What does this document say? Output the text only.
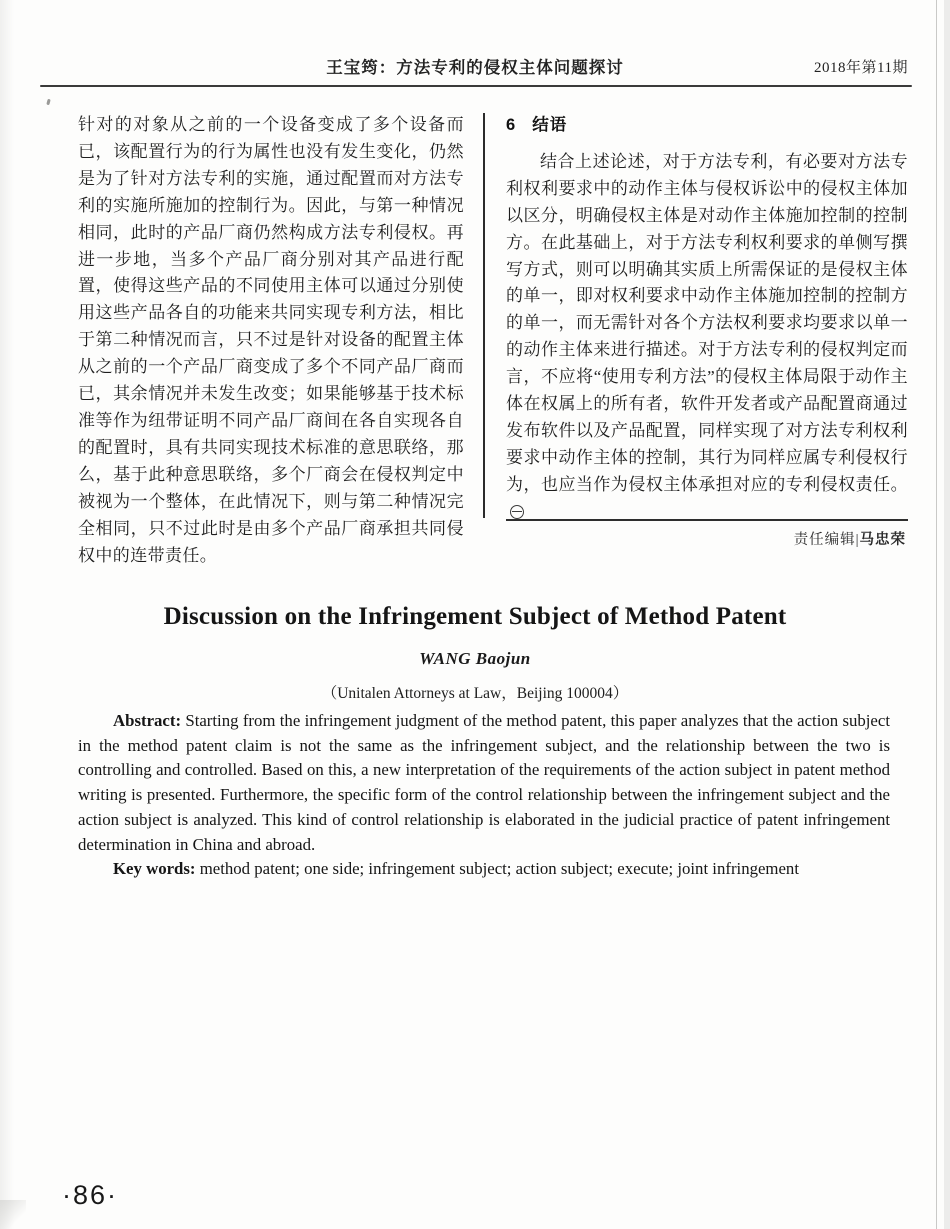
王宝筠：方法专利的侵权主体问题探讨	2018年第11期

针对的对象从之前的一个设备变成了多个设备而已，该配置行为的行为属性也没有发生变化，仍然是为了针对方法专利的实施，通过配置而对方法专利的实施所施加的控制行为。因此，与第一种情况相同，此时的产品厂商仍然构成方法专利侵权。再进一步地，当多个产品厂商分别对其产品进行配置，使得这些产品的不同使用主体可以通过分别使用这些产品各自的功能来共同实现专利方法，相比于第二种情况而言，只不过是针对设备的配置主体从之前的一个产品厂商变成了多个不同产品厂商而已，其余情况并未发生改变；如果能够基于技术标准等作为纽带证明不同产品厂商间在各自实现各自的配置时，具有共同实现技术标准的意思联络，那么，基于此种意思联络，多个厂商会在侵权判定中被视为一个整体，在此情况下，则与第二种情况完全相同，只不过此时是由多个产品厂商承担共同侵权中的连带责任。

6 结语

结合上述论述，对于方法专利，有必要对方法专利权利要求中的动作主体与侵权诉讼中的侵权主体加以区分，明确侵权主体是对动作主体施加控制的控制方。在此基础上，对于方法专利权利要求的单侧写撰写方式，则可以明确其实质上所需保证的是侵权主体的单一，即对权利要求中动作主体施加控制的控制方的单一，而无需针对各个方法权利要求均要求以单一的动作主体来进行描述。对于方法专利的侵权判定而言，不应将“使用专利方法”的侵权主体局限于动作主体在权属上的所有者，软件开发者或产品配置商通过发布软件以及产品配置，同样实现了对方法专利权利要求中动作主体的控制，其行为同样应属专利侵权行为，也应当作为侵权主体承担对应的专利侵权责任。

责任编辑|马忠荣
Discussion on the Infringement Subject of Method Patent
WANG Baojun
（Unitalen Attorneys at Law，Beijing 100004）

Abstract: Starting from the infringement judgment of the method patent, this paper analyzes that the action subject in the method patent claim is not the same as the infringement subject, and the relationship between the two is controlling and controlled. Based on this, a new interpretation of the requirements of the action subject in patent method writing is presented. Furthermore, the specific form of the control relationship between the infringement subject and the action subject is analyzed. This kind of control relationship is elaborated in the judicial practice of patent infringement determination in China and abroad.

Key words: method patent; one side; infringement subject; action subject; execute; joint infringement

·86·
